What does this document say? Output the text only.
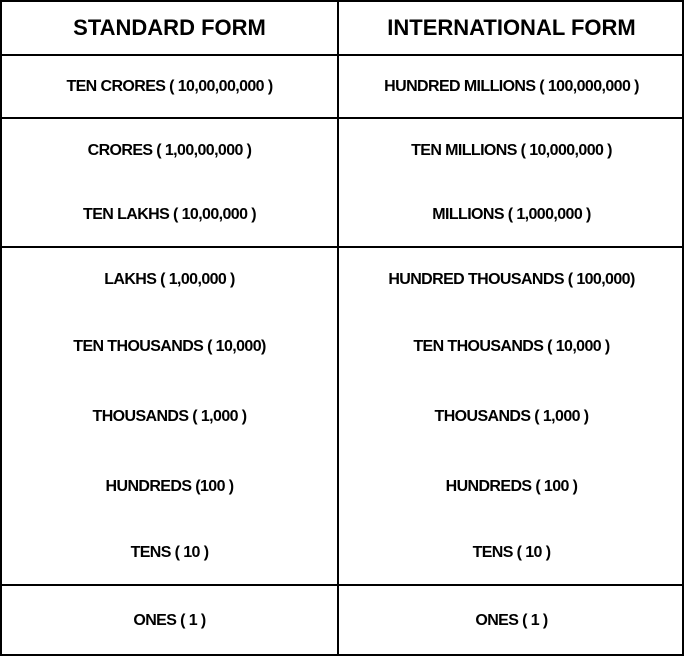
STANDARD FORM	INTERNATIONAL FORM
TEN CRORES ( 10,00,00,000 )	HUNDRED MILLIONS ( 100,000,000 )
CRORES ( 1,00,00,000 )	TEN MILLIONS ( 10,000,000 )
TEN LAKHS ( 10,00,000 )	MILLIONS ( 1,000,000 )
LAKHS ( 1,00,000 )	HUNDRED THOUSANDS ( 100,000)
TEN THOUSANDS ( 10,000)	TEN THOUSANDS ( 10,000 )
THOUSANDS ( 1,000 )	THOUSANDS ( 1,000 )
HUNDREDS (100 )	HUNDREDS ( 100 )
TENS ( 10 )	TENS ( 10 )
ONES ( 1 )	ONES ( 1 )
